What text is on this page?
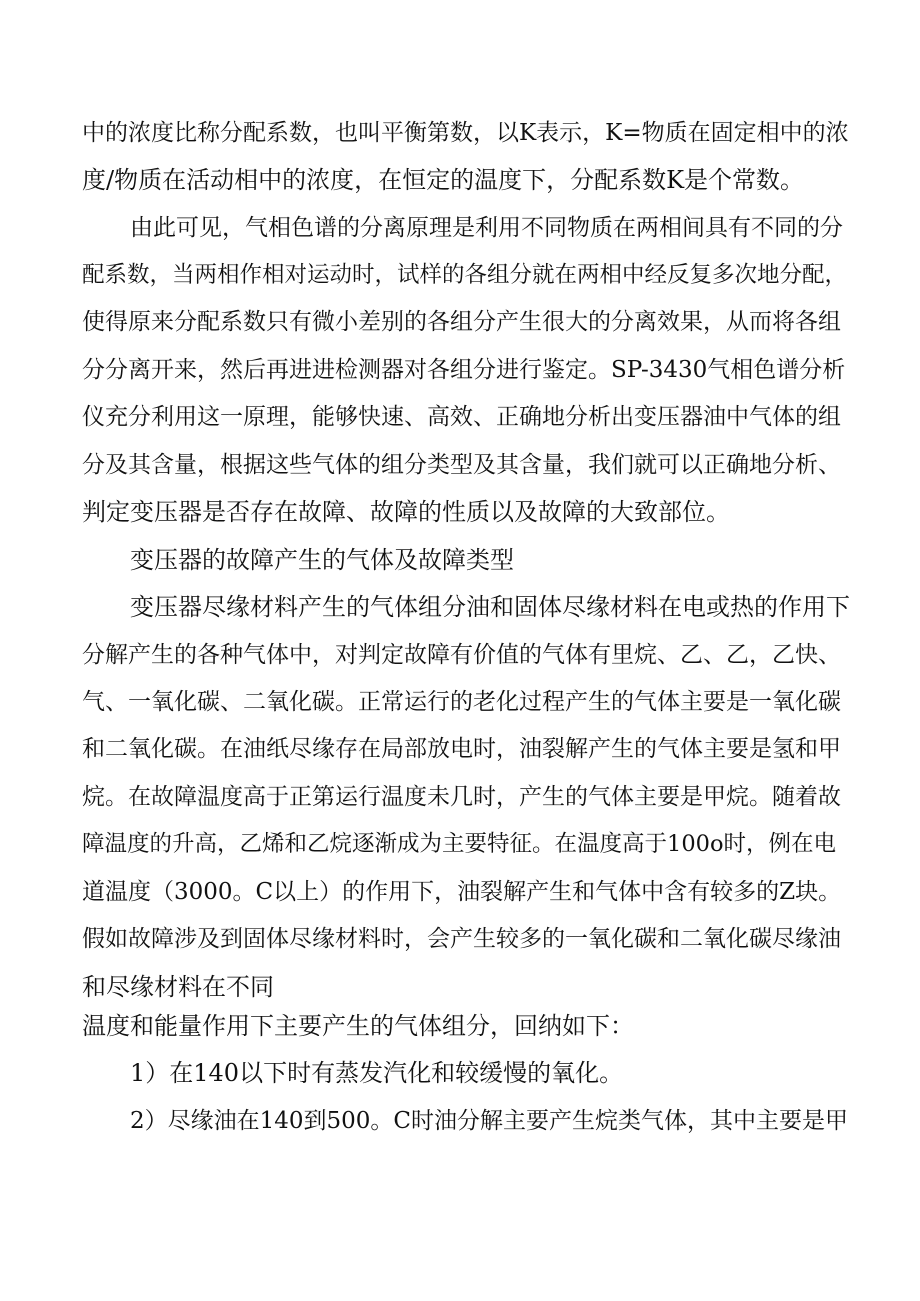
中的浓度比称分配系数，也叫平衡第数，以K表示，K=物质在固定相中的浓
度/物质在活动相中的浓度，在恒定的温度下，分配系数K是个常数。
由此可见，气相色谱的分离原理是利用不同物质在两相间具有不同的分
配系数，当两相作相对运动时，试样的各组分就在两相中经反复多次地分配，
使得原来分配系数只有微小差别的各组分产生很大的分离效果，从而将各组
分分离开来，然后再进进检测器对各组分进行鉴定。SP-3430气相色谱分析
仪充分利用这一原理，能够快速、高效、正确地分析出变压器油中气体的组
分及其含量，根据这些气体的组分类型及其含量，我们就可以正确地分析、
判定变压器是否存在故障、故障的性质以及故障的大致部位。
变压器的故障产生的气体及故障类型
变压器尽缘材料产生的气体组分油和固体尽缘材料在电或热的作用下
分解产生的各种气体中，对判定故障有价值的气体有里烷、乙、乙，乙快、
气、一氧化碳、二氧化碳。正常运行的老化过程产生的气体主要是一氧化碳
和二氧化碳。在油纸尽缘存在局部放电时，油裂解产生的气体主要是氢和甲
烷。在故障温度高于正第运行温度未几时，产生的气体主要是甲烷。随着故
障温度的升高，乙烯和乙烷逐渐成为主要特征。在温度高于100o时，例在电
道温度（3000。C以上）的作用下，油裂解产生和气体中含有较多的Z块。
假如故障涉及到固体尽缘材料时，会产生较多的一氧化碳和二氧化碳尽缘油
和尽缘材料在不同
温度和能量作用下主要产生的气体组分，回纳如下：
1）在140以下时有蒸发汽化和较缓慢的氧化。
2）尽缘油在140到500。C时油分解主要产生烷类气体，其中主要是甲
